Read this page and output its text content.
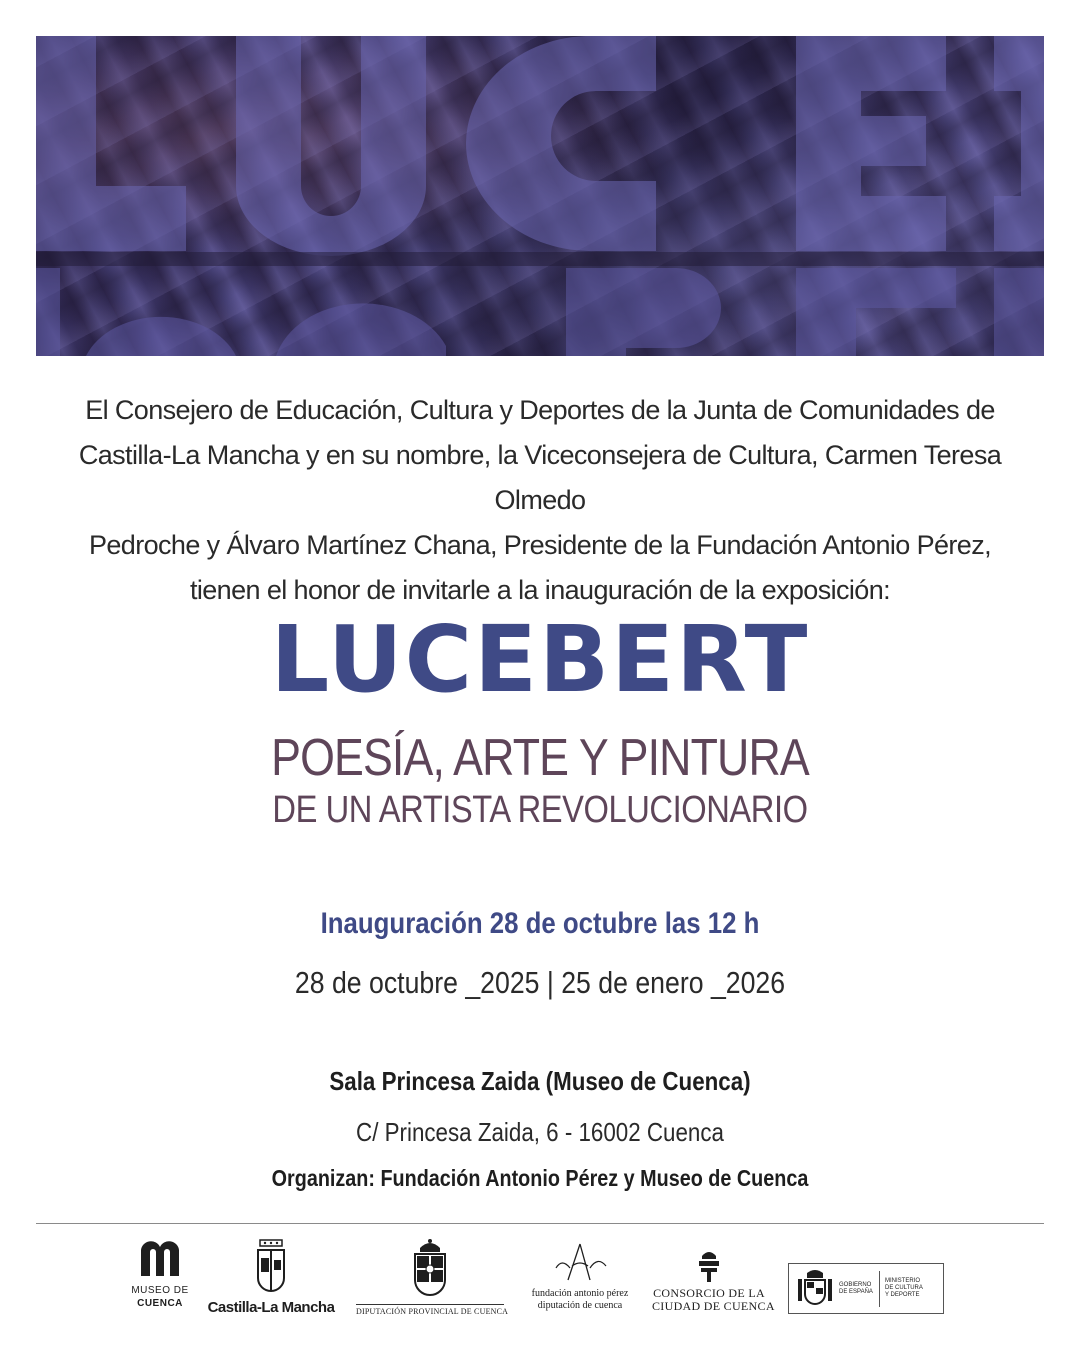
El Consejero de Educación, Cultura y Deportes de la Junta de Comunidades de
Castilla-La Mancha y en su nombre, la Viceconsejera de Cultura, Carmen Teresa Olmedo
Pedroche y Álvaro Martínez Chana, Presidente de la Fundación Antonio Pérez,
tienen el honor de invitarle a la inauguración de la exposición:
LUCEBERT
POESÍA, ARTE Y PINTURA
DE UN ARTISTA REVOLUCIONARIO
Inauguración 28 de octubre las 12 h
28 de octubre _2025 | 25 de enero _2026
Sala Princesa Zaida (Museo de Cuenca)
C/ Princesa Zaida, 6 - 16002 Cuenca
Organizan: Fundación Antonio Pérez y Museo de Cuenca
MUSEO DE
CUENCA	Castilla-La Mancha	DIPUTACIÓN PROVINCIAL DE CUENCA
fundación antonio pérez
diputación de cuenca
CONSORCIO DE LA
CIUDAD DE CUENCA
GOBIERNO
DE ESPAÑA
MINISTERIO
DE CULTURA
Y DEPORTE
